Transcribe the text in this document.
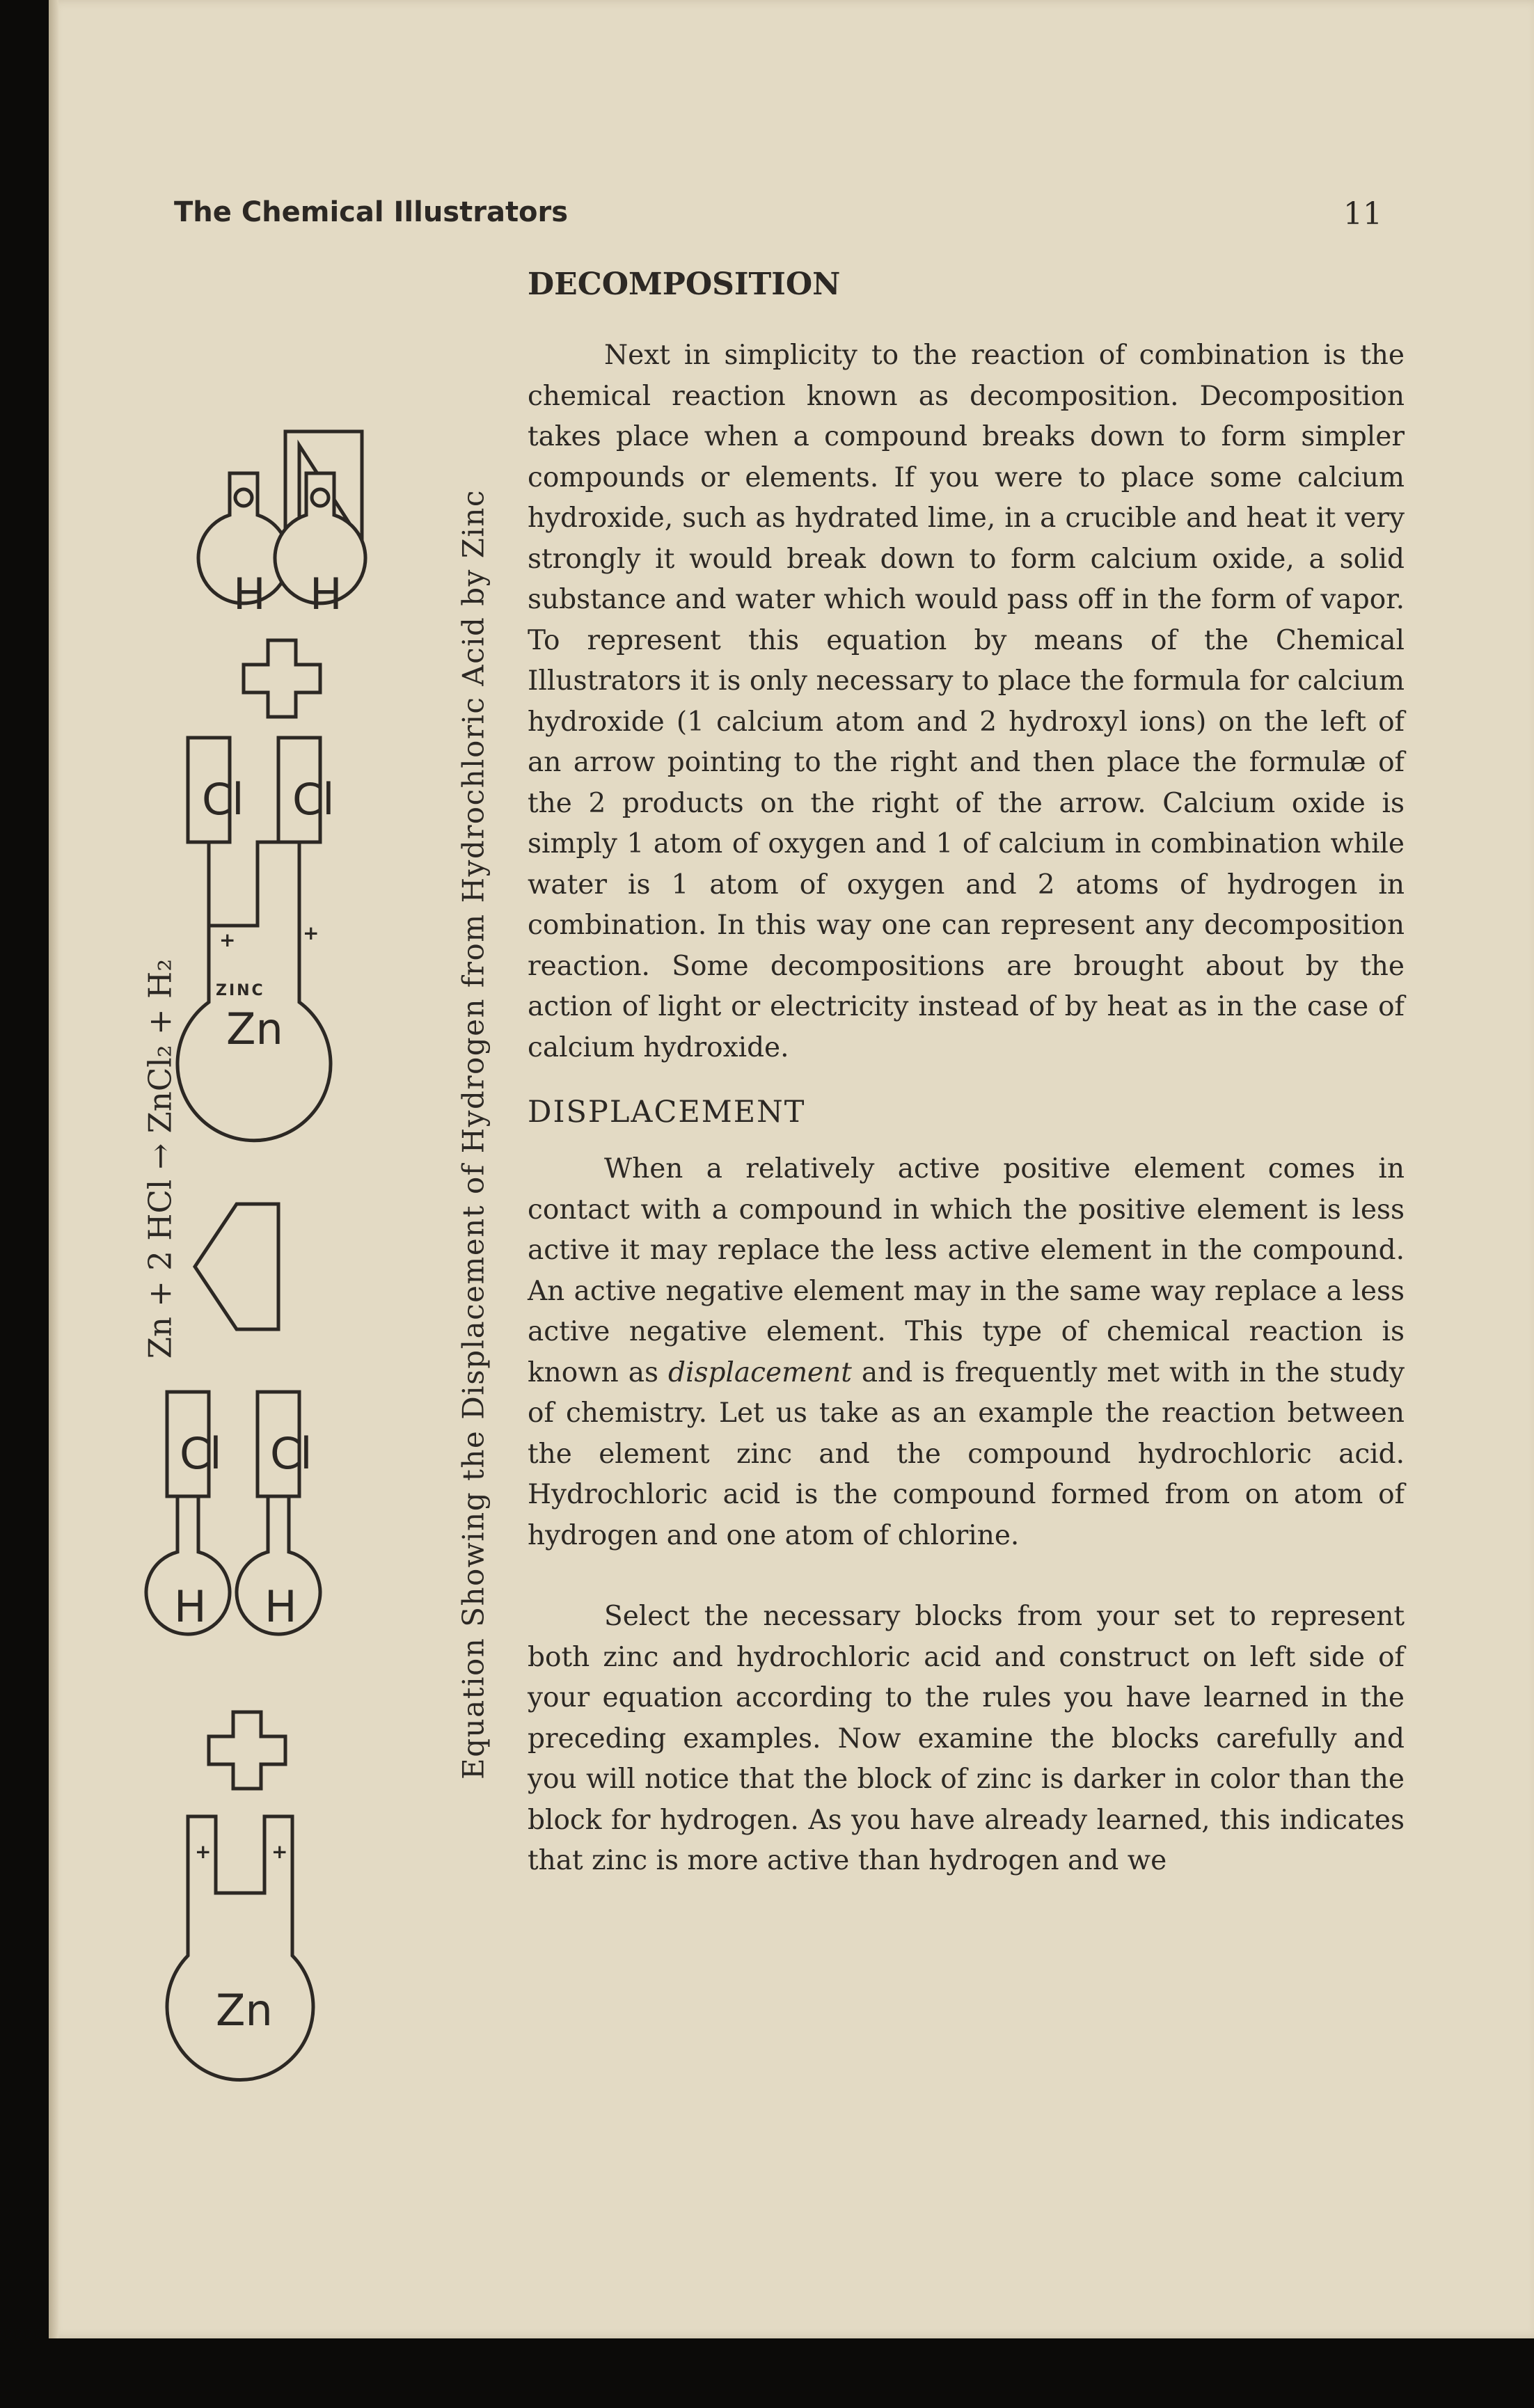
The Chemical Illustrators	11
H H
Cl Cl
Zn
ZINC
+	+
Cl Cl
H H
Zn
+	+
Zn + 2 HCl → ZnCl₂ + H₂	Equation Showing the Displacement of Hydrogen from Hydrochloric Acid by Zinc
DECOMPOSITION

Next in simplicity to the reaction of combination is the chemical reaction known as decomposition. Decomposition takes place when a compound breaks down to form simpler compounds or elements. If you were to place some calcium hydroxide, such as hydrated lime, in a crucible and heat it very strongly it would break down to form calcium oxide, a solid substance and water which would pass off in the form of vapor. To represent this equation by means of the Chemical Illustrators it is only necessary to place the formula for calcium hydroxide (1 calcium atom and 2 hydroxyl ions) on the left of an arrow pointing to the right and then place the formulæ of the 2 products on the right of the arrow. Calcium oxide is simply 1 atom of oxygen and 1 of calcium in combination while water is 1 atom of oxygen and 2 atoms of hydrogen in combination. In this way one can represent any decomposition reaction. Some decompositions are brought about by the action of light or electricity instead of by heat as in the case of calcium hydroxide.

DISPLACEMENT

When a relatively active positive element comes in contact with a compound in which the positive element is less active it may replace the less active element in the compound. An active negative element may in the same way replace a less active negative element. This type of chemical reaction is known as displacement and is frequently met with in the study of chemistry. Let us take as an example the reaction between the element zinc and the compound hydrochloric acid. Hydrochloric acid is the compound formed from on atom of hydrogen and one atom of chlorine.

Select the necessary blocks from your set to represent both zinc and hydrochloric acid and construct on left side of your equation according to the rules you have learned in the preceding examples. Now examine the blocks carefully and you will notice that the block of zinc is darker in color than the block for hydrogen. As you have already learned, this indicates that zinc is more active than hydrogen and we
